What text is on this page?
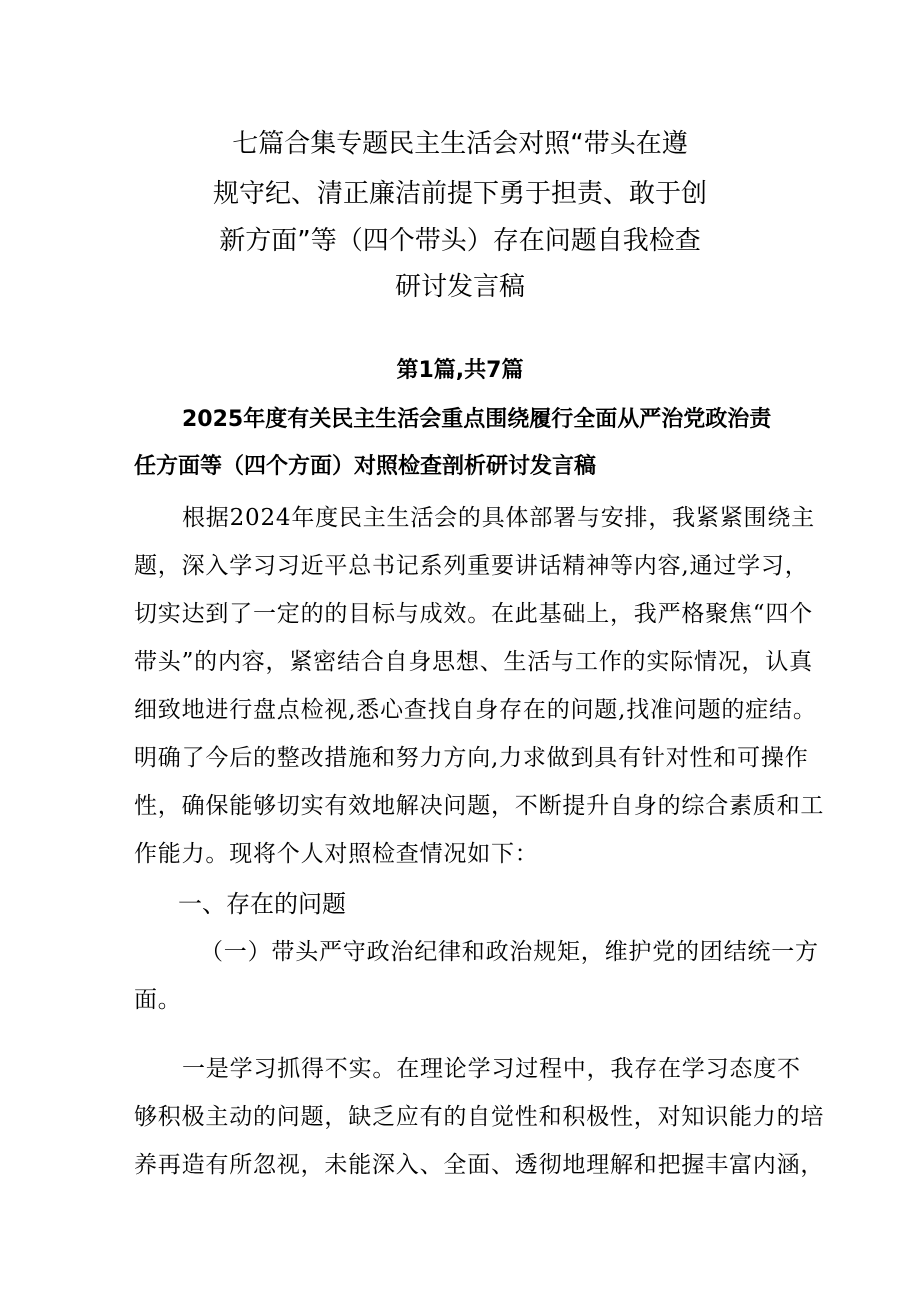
七篇合集专题民主生活会对照“带头在遵
规守纪、清正廉洁前提下勇于担责、敢于创
新方面”等（四个带头）存在问题自我检查
研讨发言稿
第1篇,共7篇
2025年度有关民主生活会重点围绕履行全面从严治党政治责
任方面等（四个方面）对照检查剖析研讨发言稿
根据2024年度民主生活会的具体部署与安排，我紧紧围绕主
题，深入学习习近平总书记系列重要讲话精神等内容,通过学习，
切实达到了一定的的目标与成效。在此基础上，我严格聚焦“四个
带头”的内容，紧密结合自身思想、生活与工作的实际情况，认真
细致地进行盘点检视,悉心查找自身存在的问题,找准问题的症结。
明确了今后的整改措施和努力方向,力求做到具有针对性和可操作
性，确保能够切实有效地解决问题，不断提升自身的综合素质和工
作能力。现将个人对照检查情况如下：
一、存在的问题
（一）带头严守政治纪律和政治规矩，维护党的团结统一方
面。
一是学习抓得不实。在理论学习过程中，我存在学习态度不
够积极主动的问题，缺乏应有的自觉性和积极性，对知识能力的培
养再造有所忽视，未能深入、全面、透彻地理解和把握丰富内涵，
